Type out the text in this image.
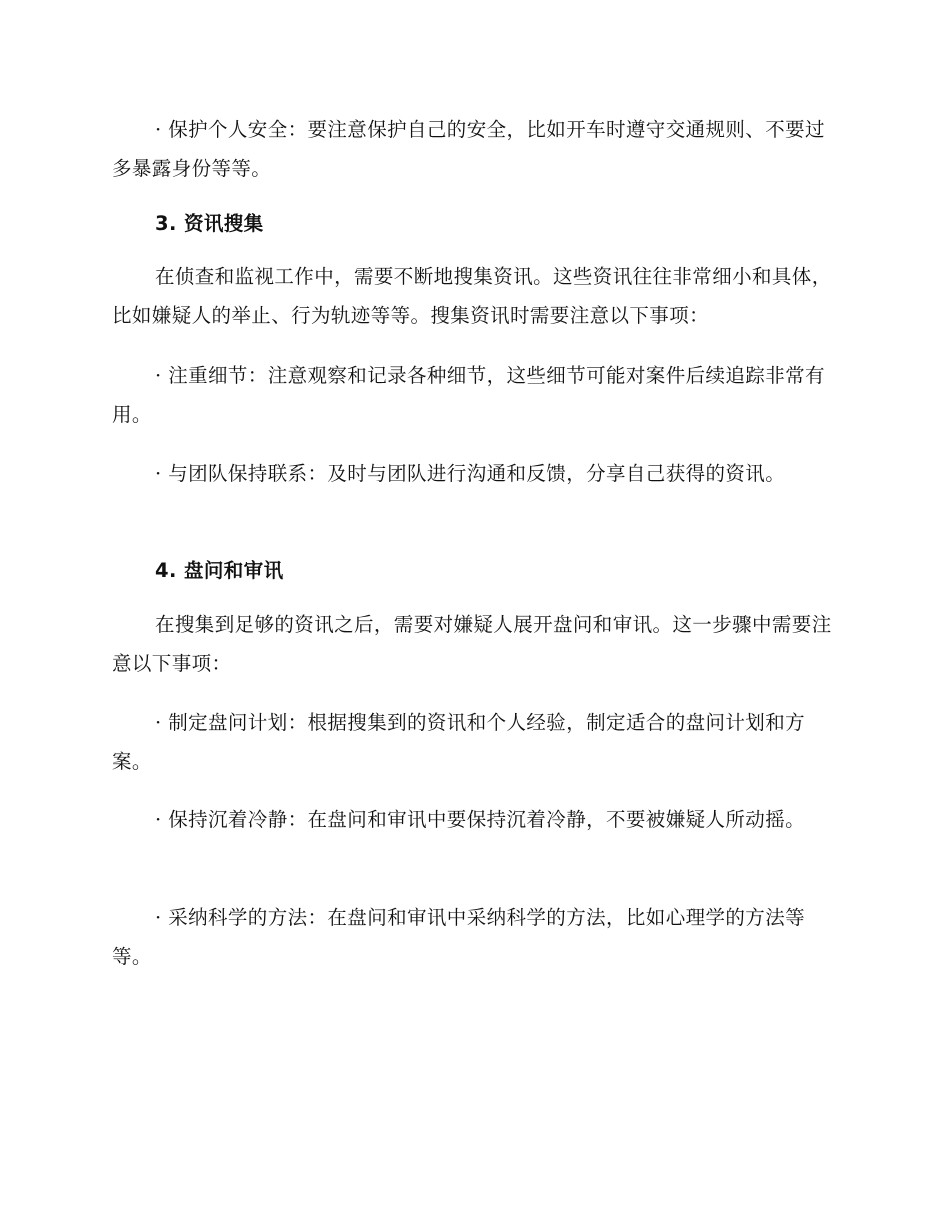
· 保护个人安全：要注意保护自己的安全，比如开车时遵守交通规则、不要过多暴露身份等等。

3. 资讯搜集

在侦查和监视工作中，需要不断地搜集资讯。这些资讯往往非常细小和具体，比如嫌疑人的举止、行为轨迹等等。搜集资讯时需要注意以下事项：

· 注重细节：注意观察和记录各种细节，这些细节可能对案件后续追踪非常有用。

· 与团队保持联系：及时与团队进行沟通和反馈，分享自己获得的资讯。

4. 盘问和审讯

在搜集到足够的资讯之后，需要对嫌疑人展开盘问和审讯。这一步骤中需要注意以下事项：

· 制定盘问计划：根据搜集到的资讯和个人经验，制定适合的盘问计划和方案。

· 保持沉着冷静：在盘问和审讯中要保持沉着冷静，不要被嫌疑人所动摇。

· 采纳科学的方法：在盘问和审讯中采纳科学的方法，比如心理学的方法等等。
